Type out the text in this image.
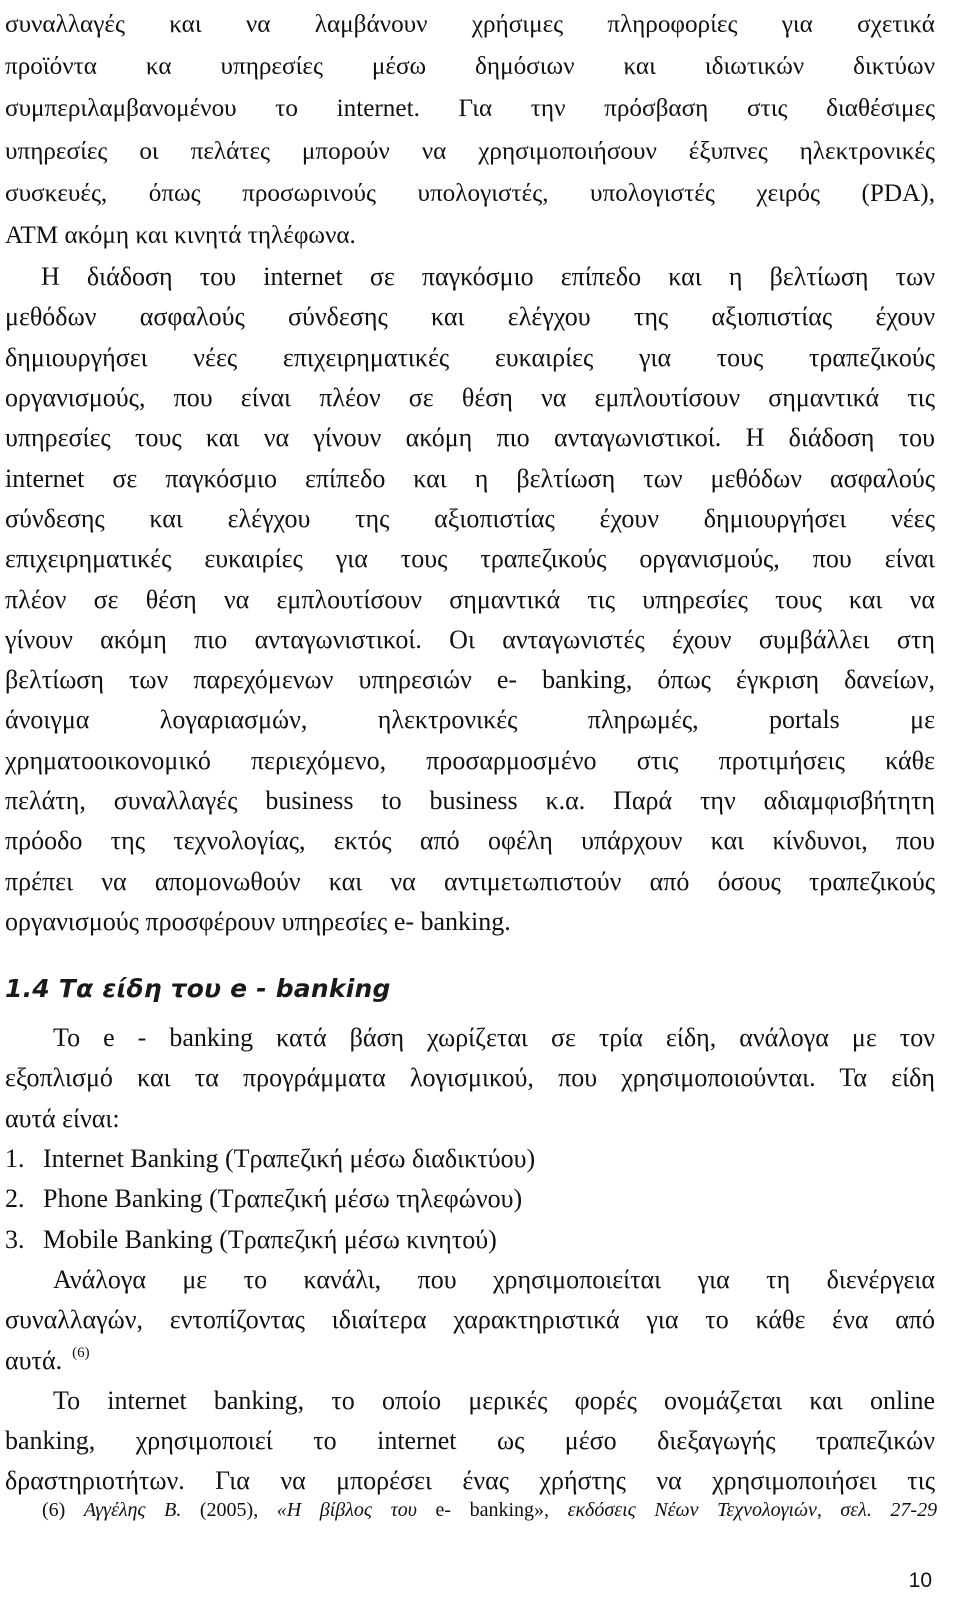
συναλλαγές και να λαμβάνουν χρήσιμες πληροφορίες για σχετικά
προϊόντα κα υπηρεσίες μέσω δημόσιων και ιδιωτικών δικτύων
συμπεριλαμβανομένου το internet. Για την πρόσβαση στις διαθέσιμες
υπηρεσίες οι πελάτες μπορούν να χρησιμοποιήσουν έξυπνες ηλεκτρονικές
συσκευές, όπως προσωρινούς υπολογιστές, υπολογιστές χειρός (PDA),
ATM ακόμη και κινητά τηλέφωνα.
Η διάδοση του internet σε παγκόσμιο επίπεδο και η βελτίωση των
μεθόδων ασφαλούς σύνδεσης και ελέγχου της αξιοπιστίας έχουν
δημιουργήσει νέες επιχειρηματικές ευκαιρίες για τους τραπεζικούς
οργανισμούς, που είναι πλέον σε θέση να εμπλουτίσουν σημαντικά τις
υπηρεσίες τους και να γίνουν ακόμη πιο ανταγωνιστικοί. Η διάδοση του
internet σε παγκόσμιο επίπεδο και η βελτίωση των μεθόδων ασφαλούς
σύνδεσης και ελέγχου της αξιοπιστίας έχουν δημιουργήσει νέες
επιχειρηματικές ευκαιρίες για τους τραπεζικούς οργανισμούς, που είναι
πλέον σε θέση να εμπλουτίσουν σημαντικά τις υπηρεσίες τους και να
γίνουν ακόμη πιο ανταγωνιστικοί. Οι ανταγωνιστές έχουν συμβάλλει στη
βελτίωση των παρεχόμενων υπηρεσιών e- banking, όπως έγκριση δανείων,
άνοιγμα λογαριασμών, ηλεκτρονικές πληρωμές, portals με
χρηματοοικονομικό περιεχόμενο, προσαρμοσμένο στις προτιμήσεις κάθε
πελάτη, συναλλαγές business to business κ.α. Παρά την αδιαμφισβήτητη
πρόοδο της τεχνολογίας, εκτός από οφέλη υπάρχουν και κίνδυνοι, που
πρέπει να απομονωθούν και να αντιμετωπιστούν από όσους τραπεζικούς
οργανισμούς προσφέρουν υπηρεσίες e- banking.
1.4 Τα είδη του e - banking
Το e - banking κατά βάση χωρίζεται σε τρία είδη, ανάλογα με τον
εξοπλισμό και τα προγράμματα λογισμικού, που χρησιμοποιούνται. Τα είδη
αυτά είναι:
1. Internet Banking (Τραπεζική μέσω διαδικτύου)
2. Phone Banking (Τραπεζική μέσω τηλεφώνου)
3. Mobile Banking (Τραπεζική μέσω κινητού)
Ανάλογα με το κανάλι, που χρησιμοποιείται για τη διενέργεια
συναλλαγών, εντοπίζοντας ιδιαίτερα χαρακτηριστικά για το κάθε ένα από
αυτά. $^{(6)}$
Το internet banking, το οποίο μερικές φορές ονομάζεται και online
banking, χρησιμοποιεί το internet ως μέσο διεξαγωγής τραπεζικών
δραστηριοτήτων. Για να μπορέσει ένας χρήστης να χρησιμοποιήσει τις
(6) Αγγέλης Β. (2005), «Η βίβλος του e- banking», εκδόσεις Νέων Τεχνολογιών, σελ. 27-29
10
